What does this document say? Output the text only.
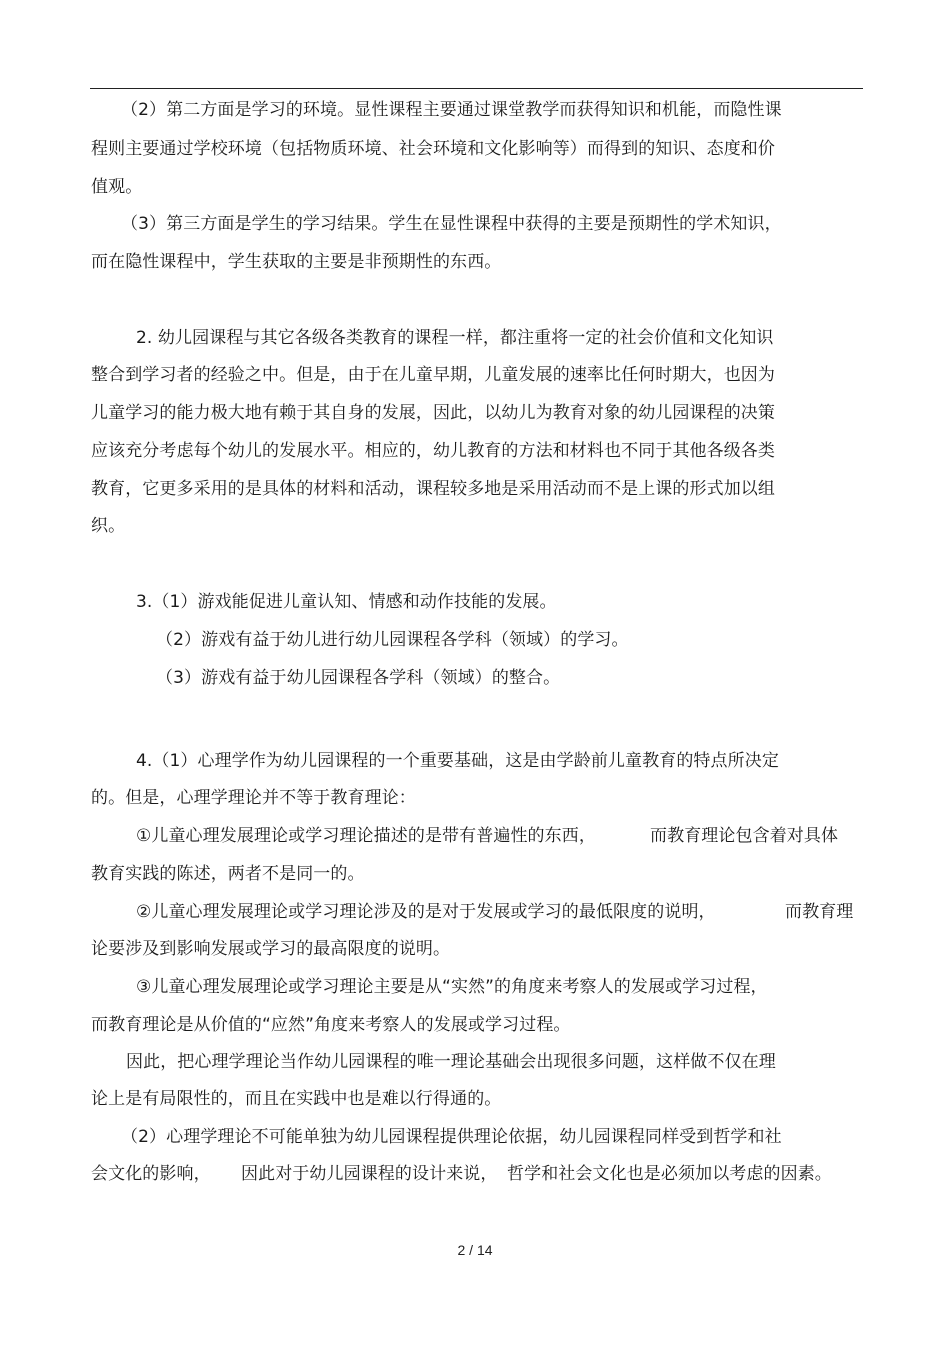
（2）第二方面是学习的环境。显性课程主要通过课堂教学而获得知识和机能，而隐性课
程则主要通过学校环境（包括物质环境、社会环境和文化影响等）而得到的知识、态度和价
值观。
（3）第三方面是学生的学习结果。学生在显性课程中获得的主要是预期性的学术知识，
而在隐性课程中，学生获取的主要是非预期性的东西。
2. 幼儿园课程与其它各级各类教育的课程一样，都注重将一定的社会价值和文化知识
整合到学习者的经验之中。但是，由于在儿童早期，儿童发展的速率比任何时期大，也因为
儿童学习的能力极大地有赖于其自身的发展，因此，以幼儿为教育对象的幼儿园课程的决策
应该充分考虑每个幼儿的发展水平。相应的，幼儿教育的方法和材料也不同于其他各级各类
教育，它更多采用的是具体的材料和活动，课程较多地是采用活动而不是上课的形式加以组
织。
3.（1）游戏能促进儿童认知、情感和动作技能的发展。
（2）游戏有益于幼儿进行幼儿园课程各学科（领域）的学习。
（3）游戏有益于幼儿园课程各学科（领域）的整合。
4.（1）心理学作为幼儿园课程的一个重要基础，这是由学龄前儿童教育的特点所决定
的。但是，心理学理论并不等于教育理论：
①儿童心理发展理论或学习理论描述的是带有普遍性的东西，	而教育理论包含着对具体
教育实践的陈述，两者不是同一的。
②儿童心理发展理论或学习理论涉及的是对于发展或学习的最低限度的说明，	而教育理
论要涉及到影响发展或学习的最高限度的说明。
③儿童心理发展理论或学习理论主要是从“实然”的角度来考察人的发展或学习过程，
而教育理论是从价值的“应然”角度来考察人的发展或学习过程。
因此，把心理学理论当作幼儿园课程的唯一理论基础会出现很多问题，这样做不仅在理
论上是有局限性的，而且在实践中也是难以行得通的。
（2）心理学理论不可能单独为幼儿园课程提供理论依据，幼儿园课程同样受到哲学和社
会文化的影响， 因此对于幼儿园课程的设计来说， 哲学和社会文化也是必须加以考虑的因素。
2 / 14
